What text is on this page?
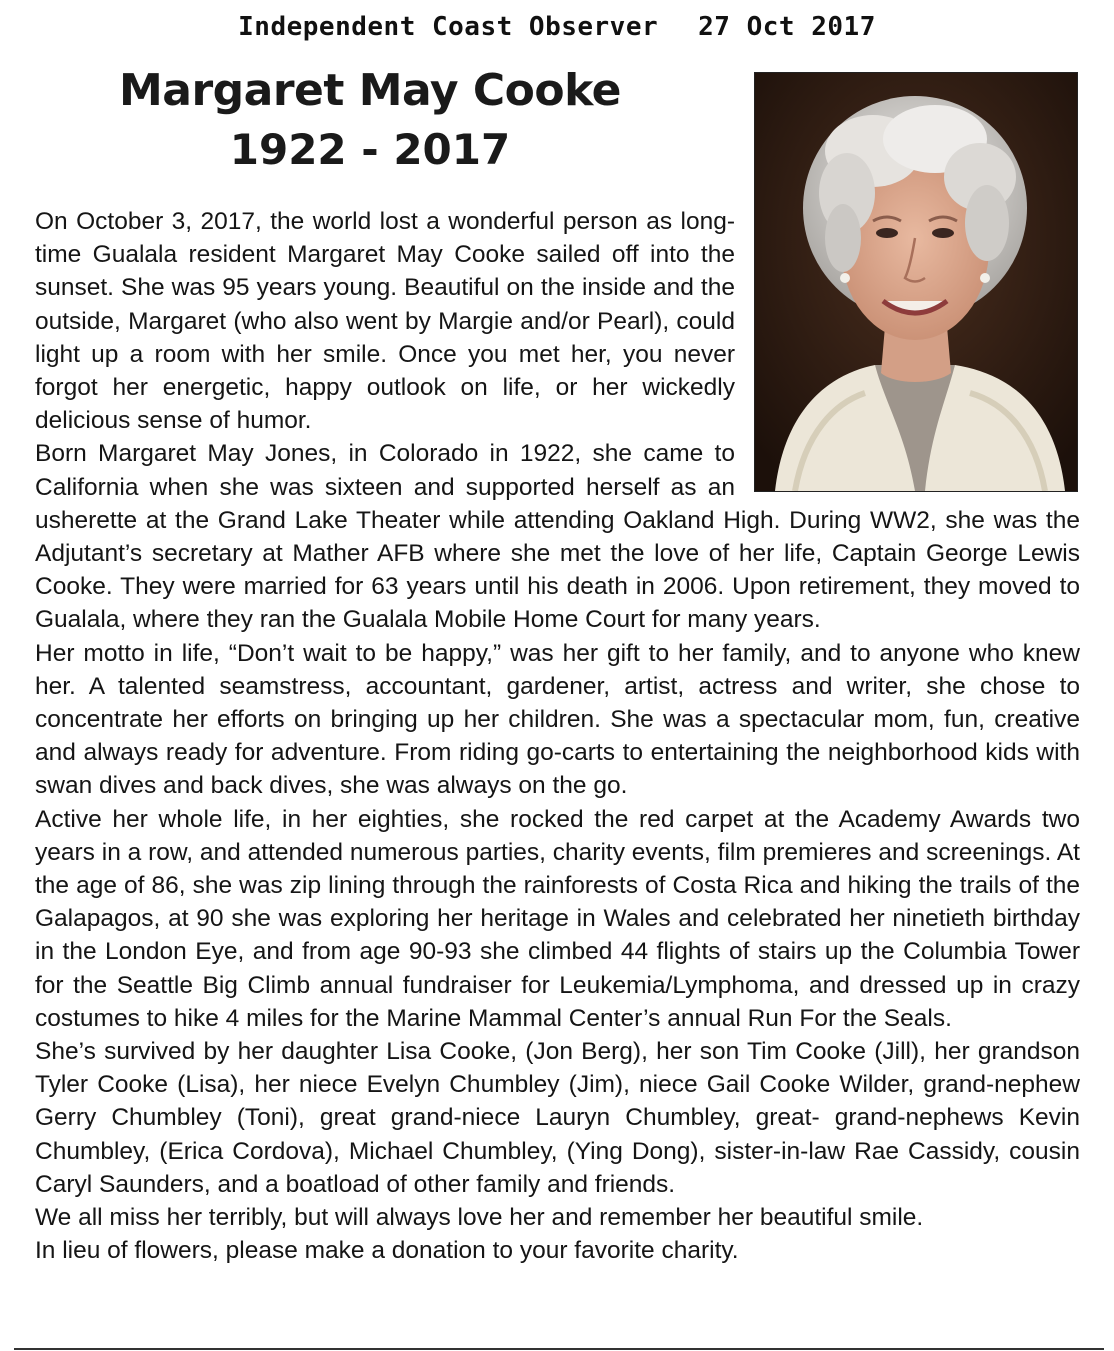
Independent Coast Observer 27 Oct 2017
Margaret May Cooke
1922 - 2017

On October 3, 2017, the world lost a wonderful person as long-time Gualala resident Margaret May Cooke sailed off into the sunset. She was 95 years young. Beautiful on the inside and the outside, Margaret (who also went by Margie and/or Pearl), could light up a room with her smile. Once you met her, you never forgot her energetic, happy outlook on life, or her wickedly delicious sense of humor.

Born Margaret May Jones, in Colorado in 1922, she came to California when she was sixteen and supported herself as an usherette at the Grand Lake Theater while attending Oakland High. During WW2, she was the Adjutant’s secretary at Mather AFB where she met the love of her life, Captain George Lewis Cooke. They were married for 63 years until his death in 2006. Upon retirement, they moved to Gualala, where they ran the Gualala Mobile Home Court for many years.

Her motto in life, “Don’t wait to be happy,” was her gift to her family, and to anyone who knew her. A talented seamstress, accountant, gardener, artist, actress and writer, she chose to concentrate her efforts on bringing up her children. She was a spectacular mom, fun, creative and always ready for adventure. From riding go-carts to entertaining the neighborhood kids with swan dives and back dives, she was always on the go.

Active her whole life, in her eighties, she rocked the red carpet at the Academy Awards two years in a row, and attended numerous parties, charity events, film premieres and screenings. At the age of 86, she was zip lining through the rainforests of Costa Rica and hiking the trails of the Galapagos, at 90 she was exploring her heritage in Wales and celebrated her ninetieth birthday in the London Eye, and from age 90-93 she climbed 44 flights of stairs up the Columbia Tower for the Seattle Big Climb annual fundraiser for Leukemia/Lymphoma, and dressed up in crazy costumes to hike 4 miles for the Marine Mammal Center’s annual Run For the Seals.

She’s survived by her daughter Lisa Cooke, (Jon Berg), her son Tim Cooke (Jill), her grandson Tyler Cooke (Lisa), her niece Evelyn Chumbley (Jim), niece Gail Cooke Wilder, grand-nephew Gerry Chumbley (Toni), great grand-niece Lauryn Chumbley, great- grand-nephews Kevin Chumbley, (Erica Cordova), Michael Chumbley, (Ying Dong), sister-in-law Rae Cassidy, cousin Caryl Saunders, and a boatload of other family and friends.

We all miss her terribly, but will always love her and remember her beautiful smile.

In lieu of flowers, please make a donation to your favorite charity.
